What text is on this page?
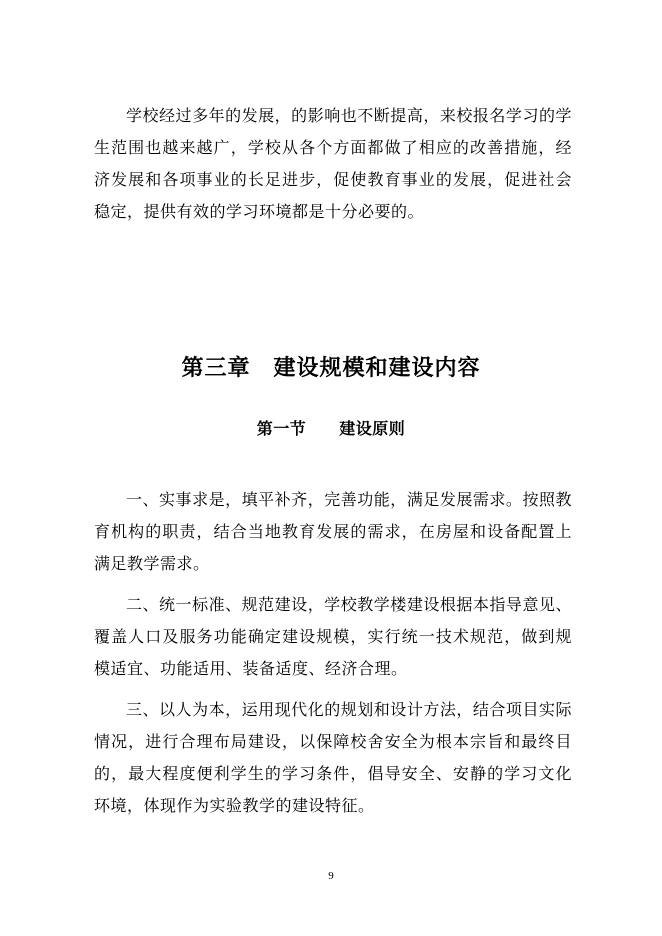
学校经过多年的发展，的影响也不断提高，来校报名学习的学生范围也越来越广，学校从各个方面都做了相应的改善措施，经济发展和各项事业的长足进步，促使教育事业的发展，促进社会稳定，提供有效的学习环境都是十分必要的。

第三章　建设规模和建设内容
第一节　　建设原则

一、实事求是，填平补齐，完善功能，满足发展需求。按照教育机构的职责，结合当地教育发展的需求，在房屋和设备配置上满足教学需求。

二、统一标准、规范建设，学校教学楼建设根据本指导意见、覆盖人口及服务功能确定建设规模，实行统一技术规范，做到规模适宜、功能适用、装备适度、经济合理。

三、以人为本，运用现代化的规划和设计方法，结合项目实际情况，进行合理布局建设，以保障校舍安全为根本宗旨和最终目的，最大程度便利学生的学习条件，倡导安全、安静的学习文化环境，体现作为实验教学的建设特征。

9
